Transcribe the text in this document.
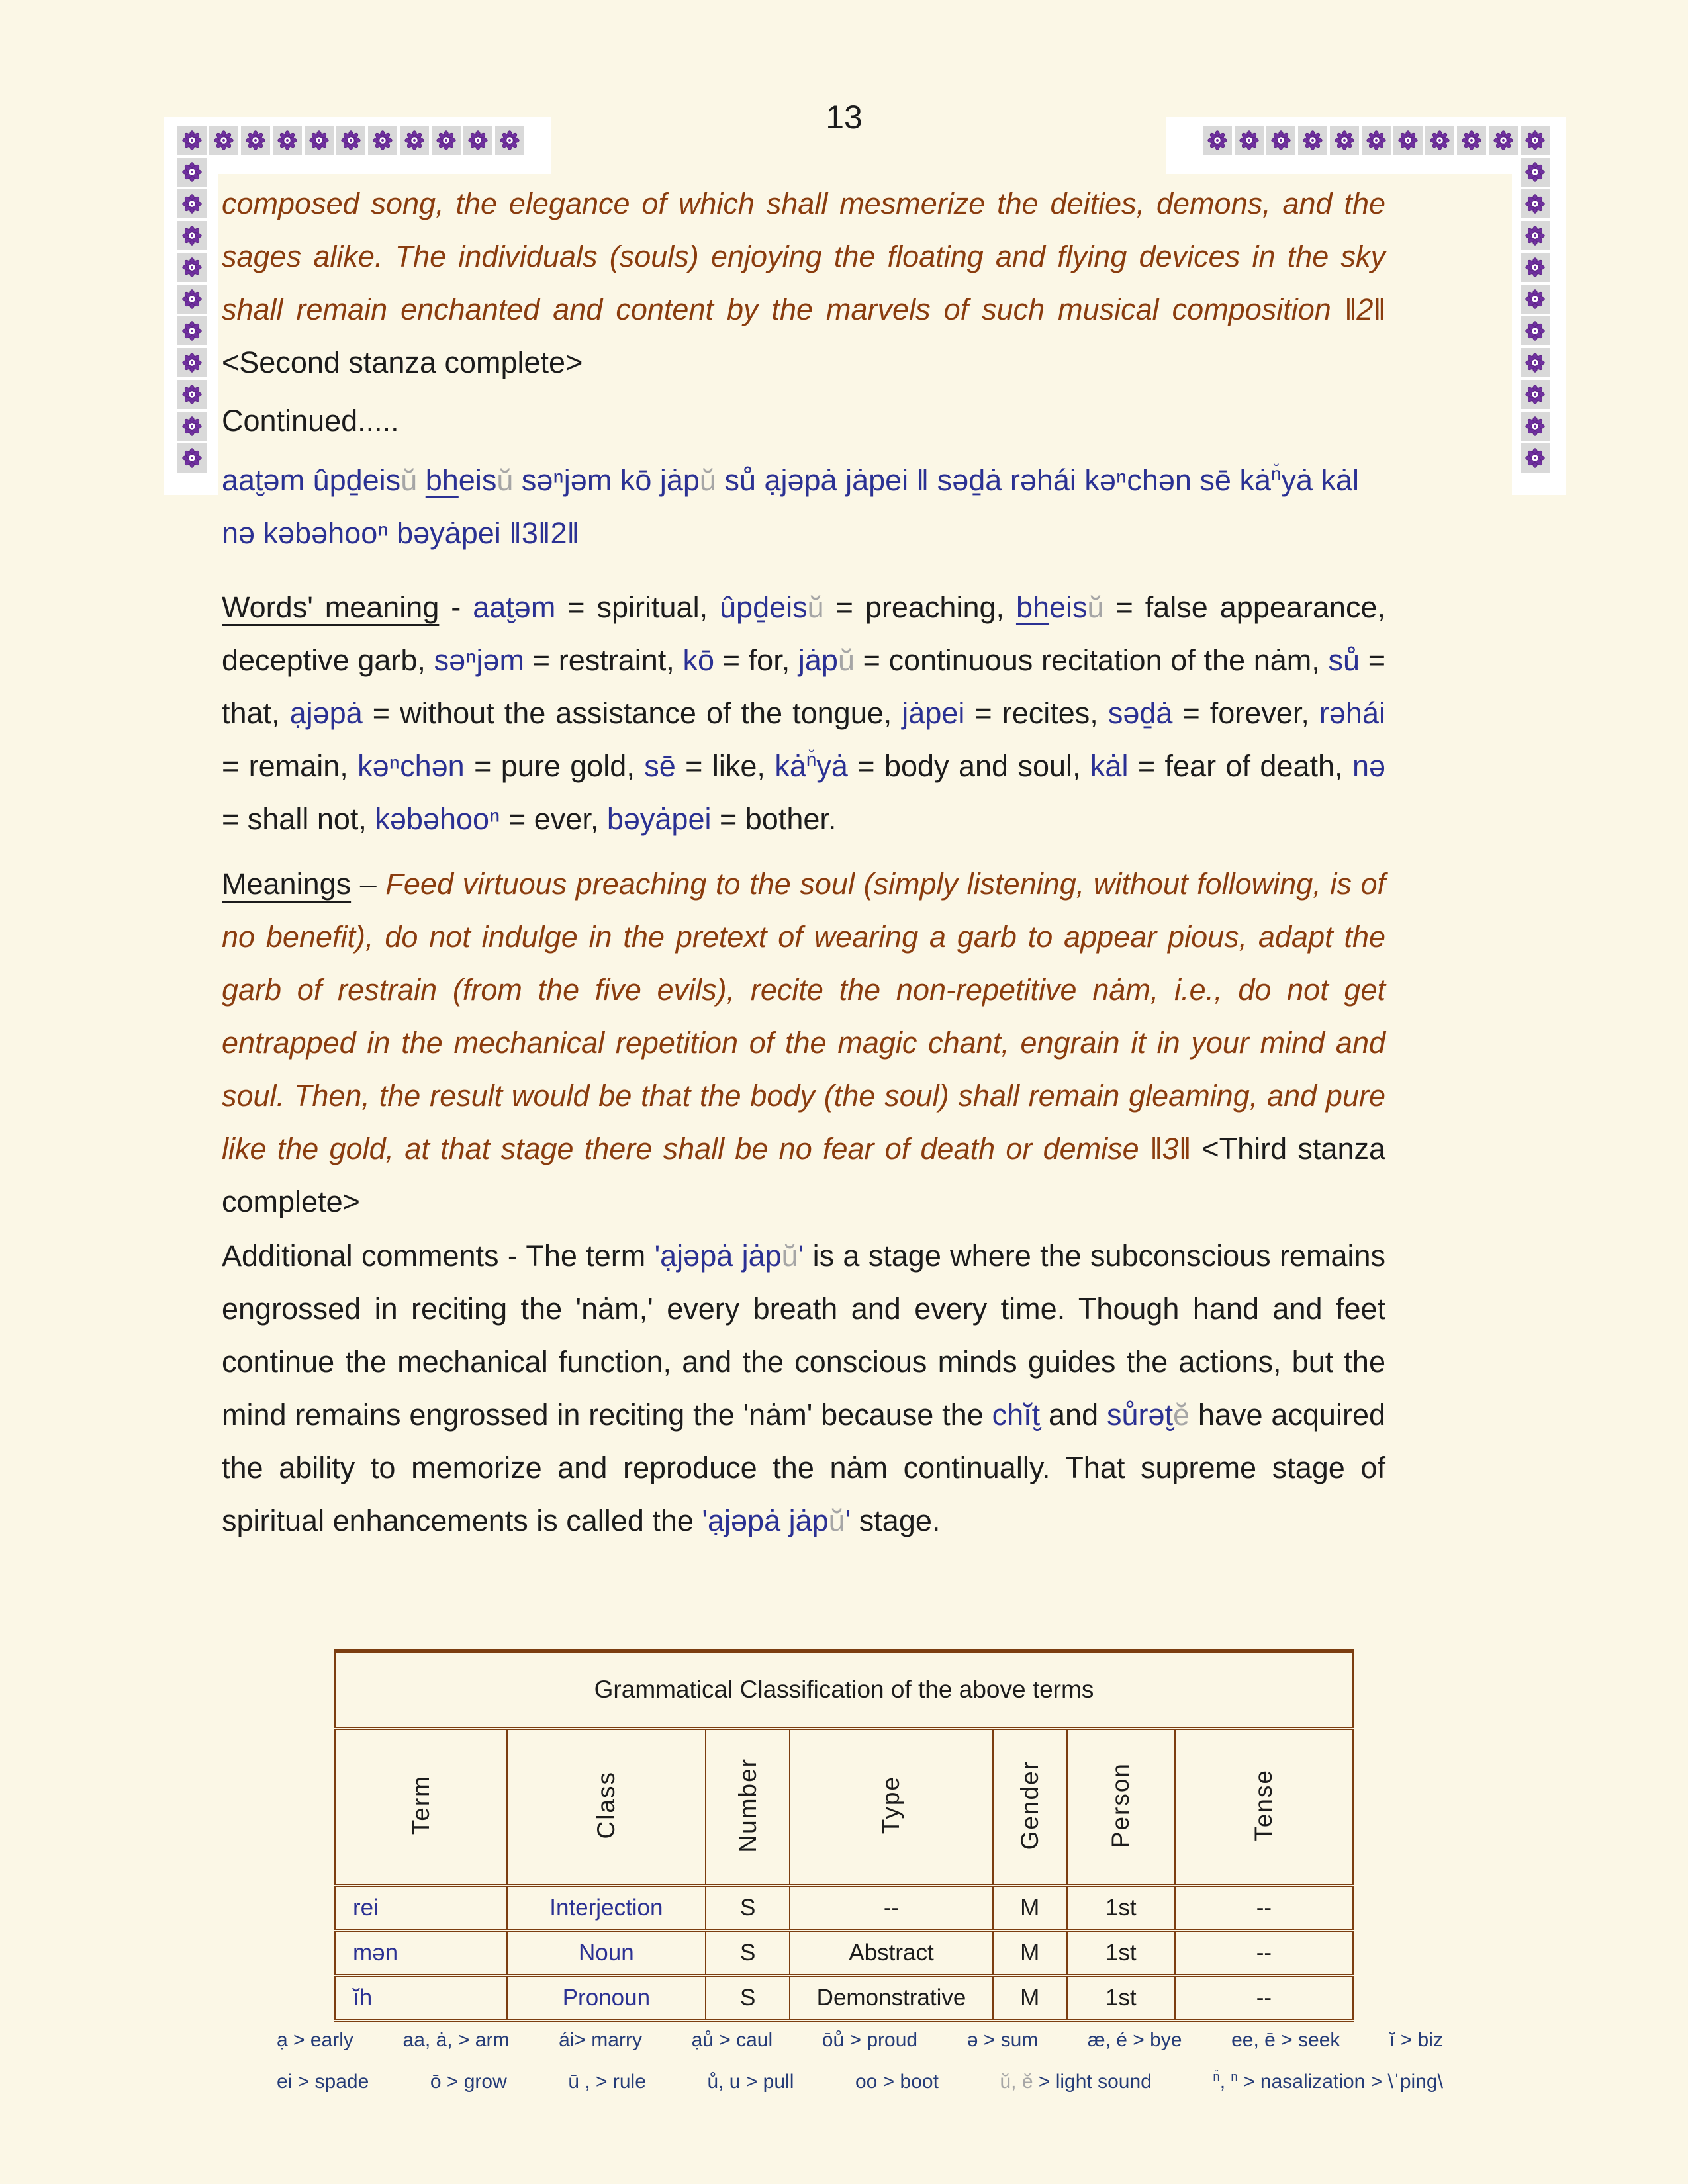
13
composed song, the elegance of which shall mesmerize the deities, demons, and the sages alike. The individuals (souls) enjoying the floating and flying devices in the sky shall remain enchanted and content by the marvels of such musical composition ǁ2ǁ <Second stanza complete>
Continued.....
aat̮əm ûpḏeisŭ bheisŭ səⁿjəm kō jȧpŭ sů ạjəpȧ jȧpei ǁ səḏȧ rəhái kəⁿchən sē $kȧ^{n̆}yȧ$ kȧl nə kəbəhooⁿ bəyȧpei ǁ3ǁ2ǁ
Words' meaning - aat̮əm = spiritual, ûpḏeisŭ = preaching, bheisŭ = false appearance, deceptive garb, səⁿjəm = restraint, kō = for, jȧpŭ = continuous recitation of the nȧm, sů = that, ạjəpȧ = without the assistance of the tongue, jȧpei = recites, səḏȧ = forever, rəhái = remain, kəⁿchən = pure gold, sē = like, $kȧ^{n̆}yȧ$ = body and soul, kȧl = fear of death, nə = shall not, kəbəhooⁿ = ever, bəyȧpei = bother.
Meanings – Feed virtuous preaching to the soul (simply listening, without following, is of no benefit), do not indulge in the pretext of wearing a garb to appear pious, adapt the garb of restrain (from the five evils), recite the non-repetitive nȧm, i.e., do not get entrapped in the mechanical repetition of the magic chant, engrain it in your mind and soul. Then, the result would be that the body (the soul) shall remain gleaming, and pure like the gold, at that stage there shall be no fear of death or demise ǁ3ǁ <Third stanza complete>
Additional comments - The term 'ạjəpȧ jȧpŭ' is a stage where the subconscious remains engrossed in reciting the 'nȧm,' every breath and every time. Though hand and feet continue the mechanical function, and the conscious minds guides the actions, but the mind remains engrossed in reciting the 'nȧm' because the chĭt̮ and sůrət̮ĕ have acquired the ability to memorize and reproduce the nȧm continually. That supreme stage of spiritual enhancements is called the 'ạjəpȧ jȧpŭ' stage.
Grammatical Classification of the above terms						
Term	Class	Number	Type	Gender	Person	Tense
rei	Interjection	S	--	M	1st	--
mən	Noun	S	Abstract	M	1st	--
ĭh	Pronoun	S	Demonstrative	M	1st	--
ạ > early aa, ȧ, > arm ái> marry ạů > caul ōů > proud ə > sum æ, é > bye ee, ē > seek ĭ > biz
ei > spade	ō > grow	ū , > rule	ů, u > pull	oo > boot	ŭ, ĕ > light sound	$^{n̆}$, $^n$ > nasalization > \ˈping\
